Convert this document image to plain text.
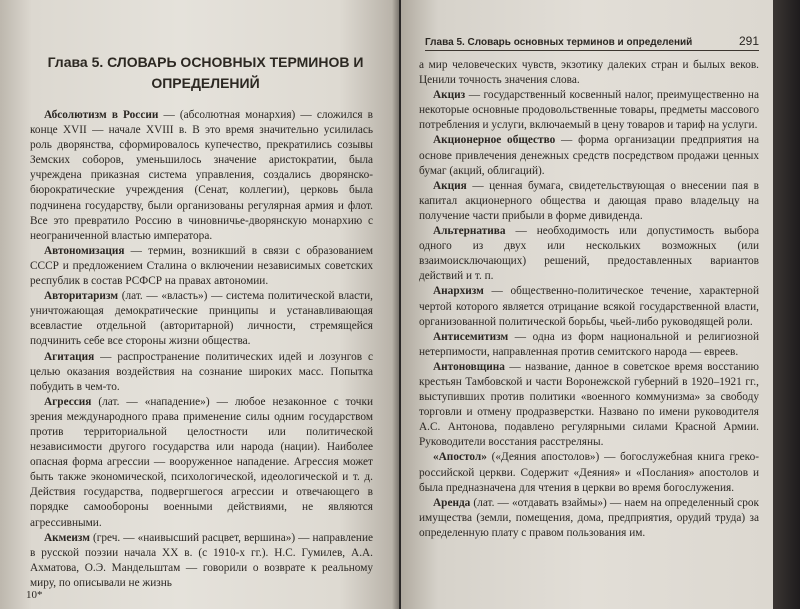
Глава 5. СЛОВАРЬ ОСНОВНЫХ ТЕРМИНОВ И ОПРЕДЕЛЕНИЙ

Абсолютизм в России — (абсолютная монархия) — сложился в конце XVII — начале XVIII в. В это время значительно усилилась роль дворянства, сформировалось купечество, прекратились созывы Земских соборов, уменьшилось значение аристократии, была учреждена приказная система управления, создались дворянско-бюрократические учреждения (Сенат, коллегии), церковь была подчинена государству, были организованы регулярная армия и флот. Все это превратило Россию в чиновничье-дворянскую монархию с неограниченной властью императора.

Автономизация — термин, возникший в связи с образованием СССР и предложением Сталина о включении независимых советских республик в состав РСФСР на правах автономии.

Авторитаризм (лат. — «власть») — система политической власти, уничтожающая демократические принципы и устанавливающая всевластие отдельной (авторитарной) личности, стремящейся подчинить себе все стороны жизни общества.

Агитация — распространение политических идей и лозунгов с целью оказания воздействия на сознание широких масс. Попытка побудить в чем-то.

Агрессия (лат. — «нападение») — любое незаконное с точки зрения международного права применение силы одним государством против территориальной целостности или политической независимости другого государства или народа (нации). Наиболее опасная форма агрессии — вооруженное нападение. Агрессия может быть также экономической, психологической, идеологической и т. д. Действия государства, подвергшегося агрессии и отвечающего в порядке самообороны военными действиями, не являются агрессивными.

Акмеизм (греч. — «наивысший расцвет, вершина») — направление в русской поэзии начала XX в. (с 1910-х гг.). Н.С. Гумилев, А.А. Ахматова, О.Э. Мандельштам — говорили о возврате к реальному миру, по описывали не жизнь

10*
Глава 5. Словарь основных терминов и определений	291

а мир человеческих чувств, экзотику далеких стран и былых веков. Ценили точность значения слова.

Акциз — государственный косвенный налог, преимущественно на некоторые основные продовольственные товары, предметы массового потребления и услуги, включаемый в цену товаров и тариф на услуги.

Акционерное общество — форма организации предприятия на основе привлечения денежных средств посредством продажи ценных бумаг (акций, облигаций).

Акция — ценная бумага, свидетельствующая о внесении пая в капитал акционерного общества и дающая право владельцу на получение части прибыли в форме дивиденда.

Альтернатива — необходимость или допустимость выбора одного из двух или нескольких возможных (или взаимоисключающих) решений, предоставленных вариантов действий и т. п.

Анархизм — общественно-политическое течение, характерной чертой которого является отрицание всякой государственной власти, организованной политической борьбы, чьей-либо руководящей роли.

Антисемитизм — одна из форм национальной и религиозной нетерпимости, направленная против семитского народа — евреев.

Антоновщина — название, данное в советское время восстанию крестьян Тамбовской и части Воронежской губерний в 1920–1921 гг., выступивших против политики «военного коммунизма» за свободу торговли и отмену продразверстки. Названо по имени руководителя А.С. Антонова, подавлено регулярными силами Красной Армии. Руководители восстания расстреляны.

«Апостол» («Деяния апостолов») — богослужебная книга греко-российской церкви. Содержит «Деяния» и «Послания» апостолов и была предназначена для чтения в церкви во время богослужения.

Аренда (лат. — «отдавать взаймы») — наем на определенный срок имущества (земли, помещения, дома, предприятия, орудий труда) за определенную плату с правом пользования им.
